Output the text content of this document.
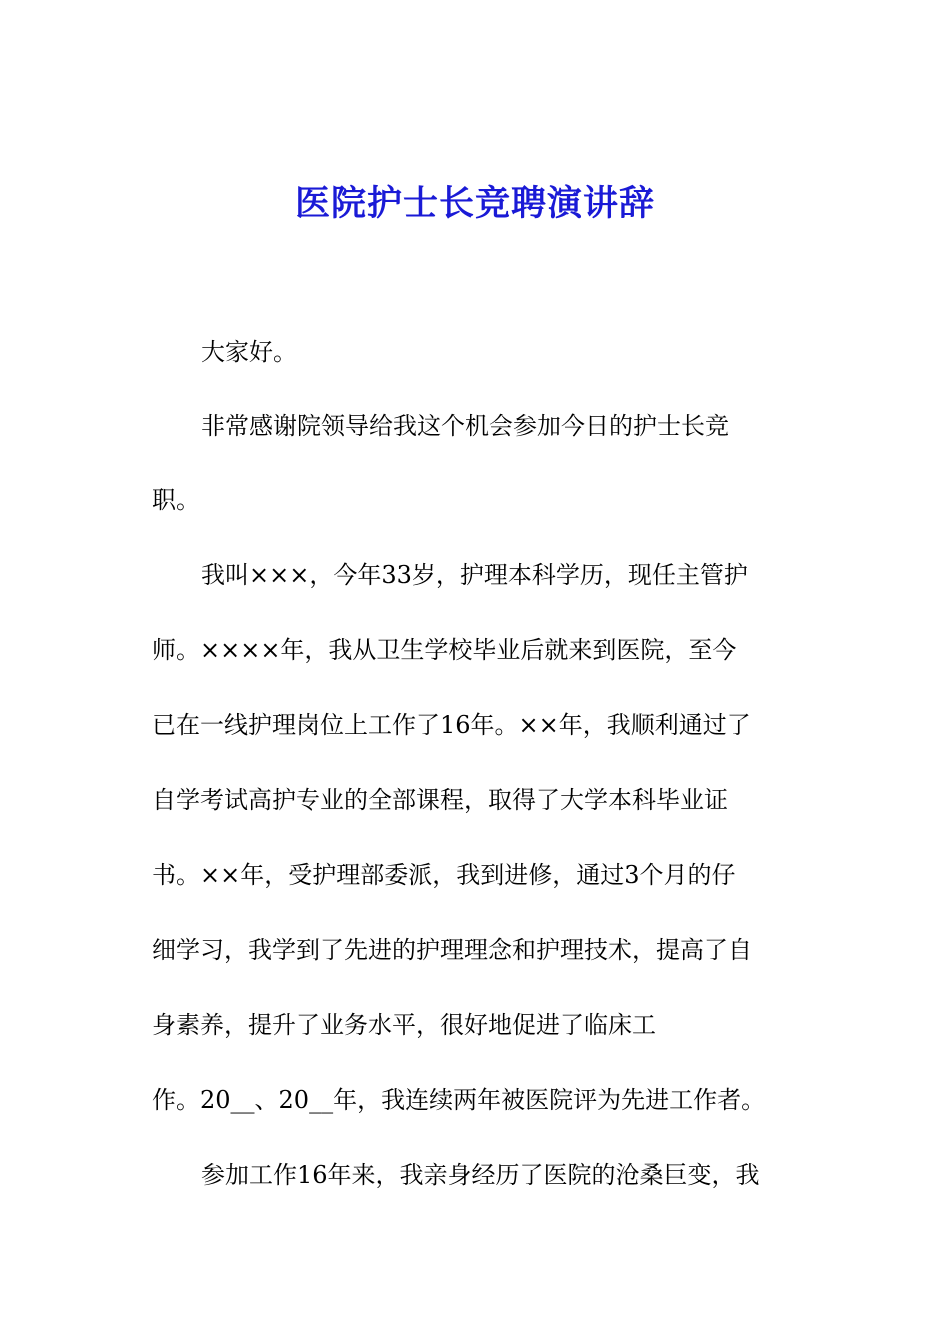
医院护士长竞聘演讲辞

大家好。

非常感谢院领导给我这个机会参加今日的护士长竞

职。

我叫×××，今年33岁，护理本科学历，现任主管护

师。××××年，我从卫生学校毕业后就来到医院，至今

已在一线护理岗位上工作了16年。××年，我顺利通过了

自学考试高护专业的全部课程，取得了大学本科毕业证

书。××年，受护理部委派，我到进修，通过3个月的仔

细学习，我学到了先进的护理理念和护理技术，提高了自

身素养，提升了业务水平，很好地促进了临床工

作。20__、20__年，我连续两年被医院评为先进工作者。

参加工作16年来，我亲身经历了医院的沧桑巨变，我
